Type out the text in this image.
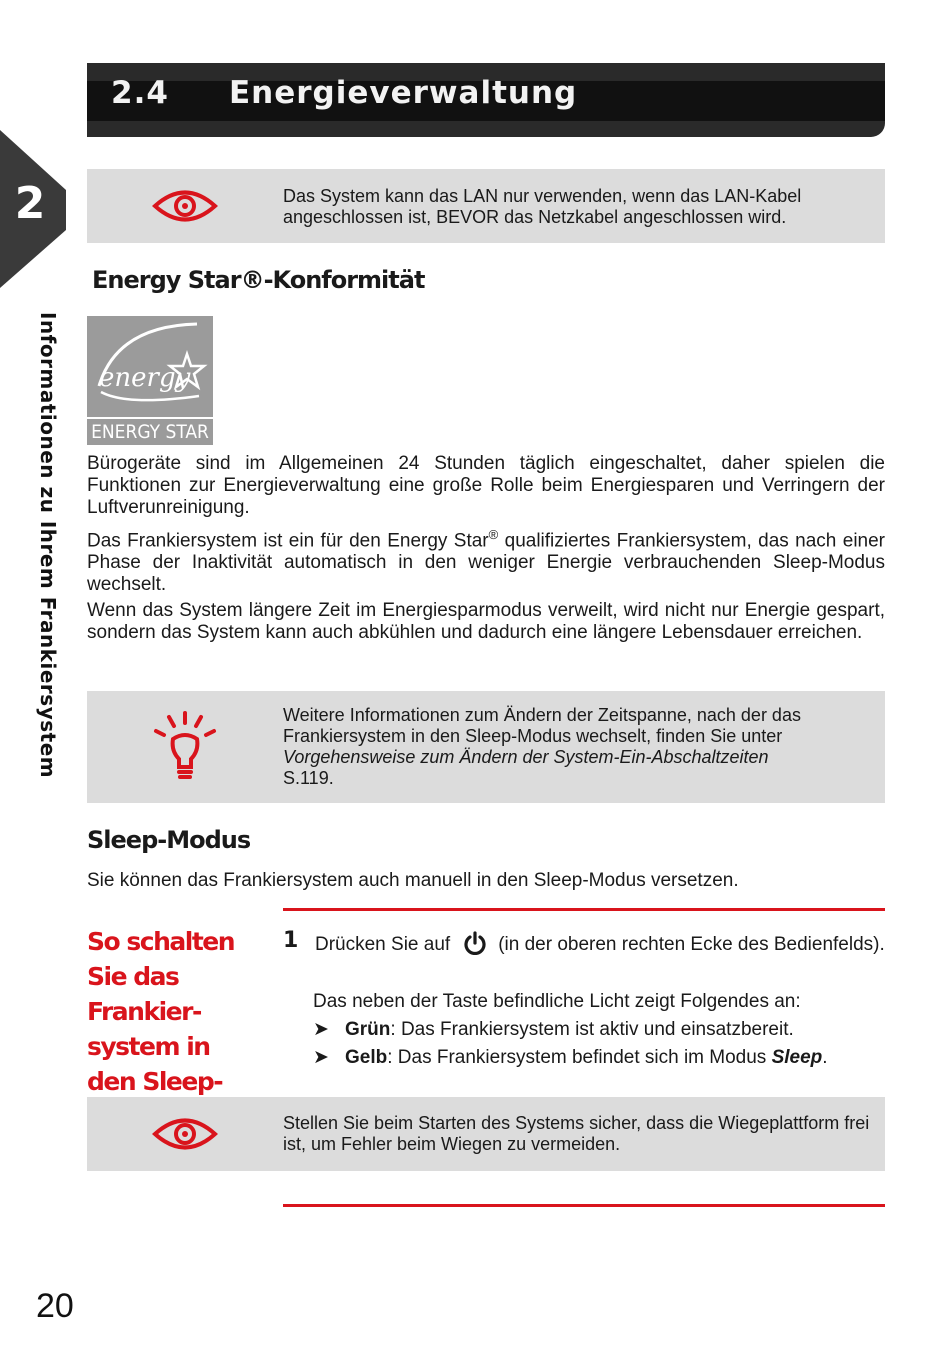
2.4 Energieverwaltung
2
Informationen zu Ihrem Frankiersystem
Das System kann das LAN nur verwenden, wenn das LAN-Kabel angeschlossen ist, BEVOR das Netzkabel angeschlossen wird.
Energy Star®-Konformität
energy
ENERGY STAR

Bürogeräte sind im Allgemeinen 24 Stunden täglich eingeschaltet, daher spielen die Funktionen zur Energieverwaltung eine große Rolle beim Energiesparen und Verringern der Luftverunreinigung.

Das Frankiersystem ist ein für den Energy Star® qualifiziertes Frankiersystem, das nach einer Phase der Inaktivität automatisch in den weniger Energie verbrauchenden Sleep-Modus wechselt.

Wenn das System längere Zeit im Energiesparmodus verweilt, wird nicht nur Energie gespart, sondern das System kann auch abkühlen und dadurch eine längere Lebensdauer erreichen.

Weitere Informationen zum Ändern der Zeitspanne, nach der das Frankiersystem in den Sleep-Modus wechselt, finden Sie unter Vorgehensweise zum Ändern der System-Ein-Abschaltzeiten
S.119.
Sleep-Modus

Sie können das Frankiersystem auch manuell in den Sleep-Modus versetzen.

So schalten Sie das Frankier-system in den Sleep-
1 Drücken Sie auf	(in der oberen rechten Ecke des Bedienfelds).
Das neben der Taste befindliche Licht zeigt Folgendes an:
➤ Grün: Das Frankiersystem ist aktiv und einsatzbereit.
➤ Gelb: Das Frankiersystem befindet sich im Modus Sleep.
Stellen Sie beim Starten des Systems sicher, dass die Wiegeplattform frei ist, um Fehler beim Wiegen zu vermeiden.
20
